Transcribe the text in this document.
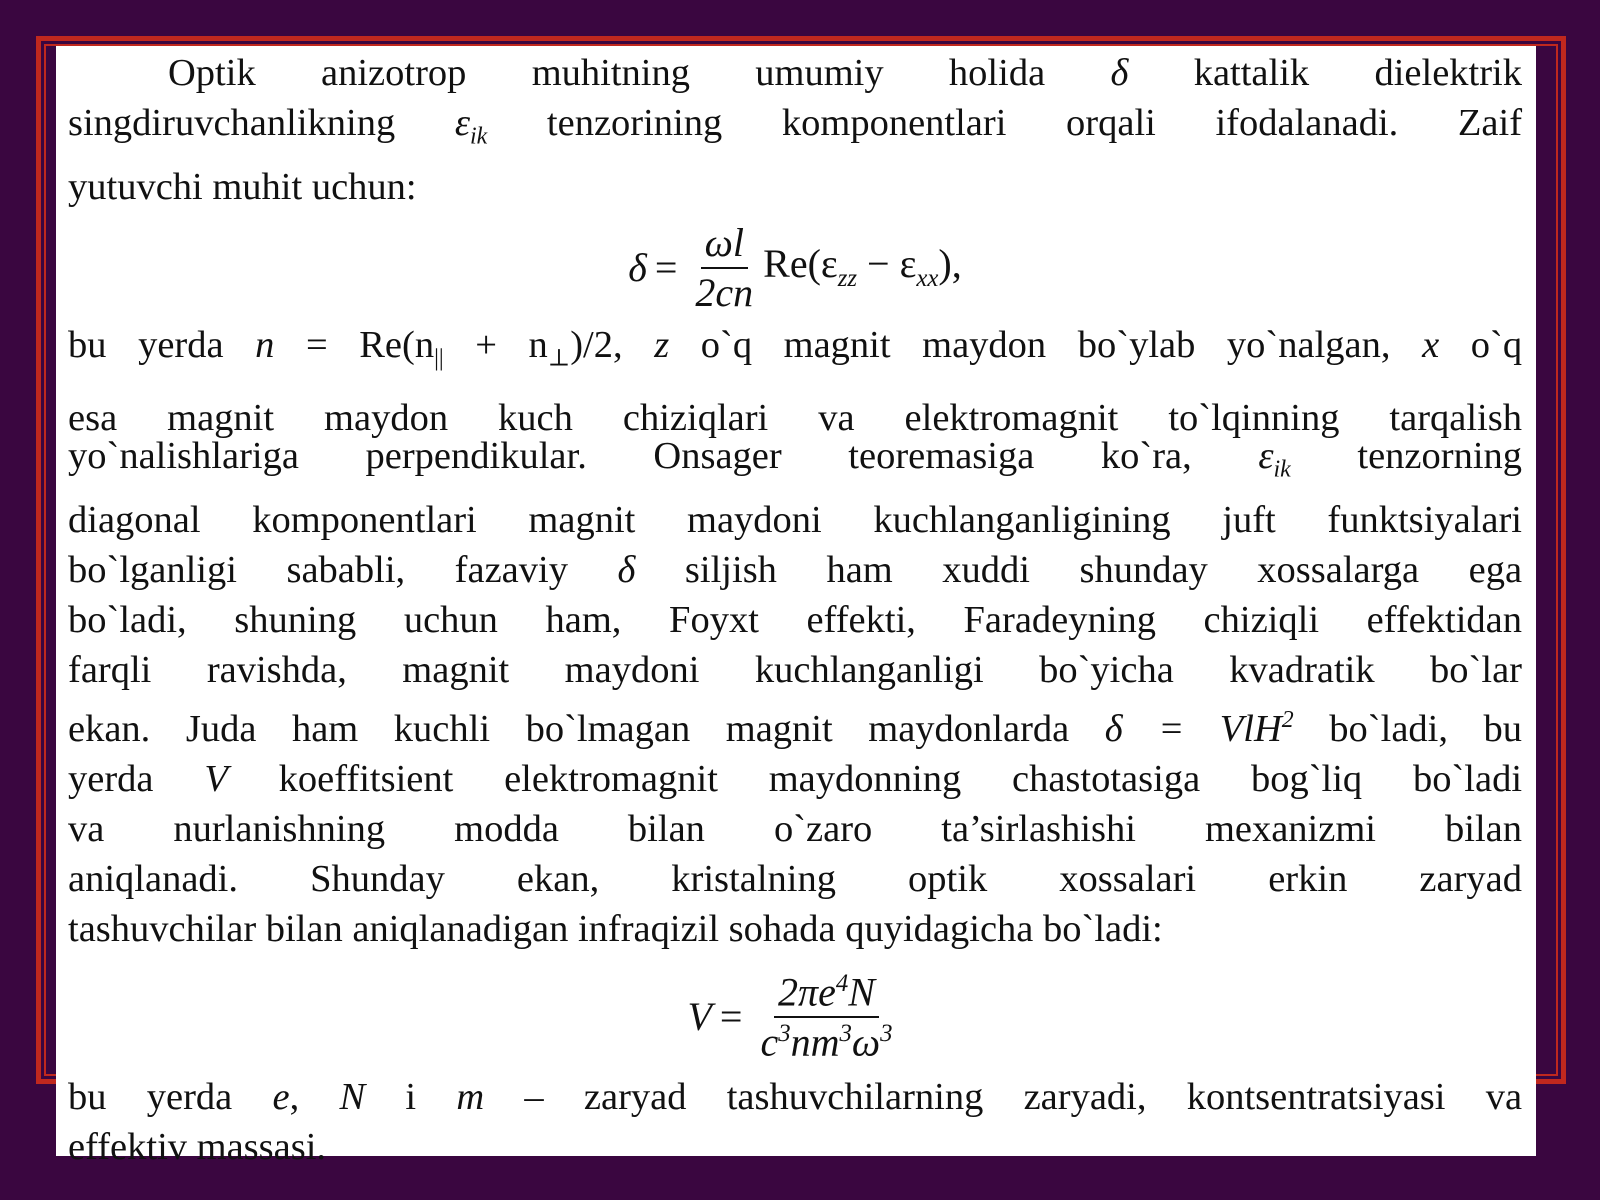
Optik anizotrop muhitning umumiy holida δ kattalik dielektrik
singdiruvchanlikning $\varepsilon_{ik}$ tenzorining komponentlari orqali ifodalanadi. Zaif
yutuvchi muhit uchun:
$\delta = \frac{\omega l}{2cn} Re(\varepsilon_{zz} - \varepsilon_{xx})$,
bu yerda $n = Re(n_{||} + n_\perp)/2$, z o`q magnit maydon bo`ylab yo`nalgan, x o`q
esa magnit maydon kuch chiziqlari va elektromagnit to`lqinning tarqalish
yo`nalishlariga perpendikular. Onsager teoremasiga ko`ra, $\varepsilon_{ik}$ tenzorning
diagonal komponentlari magnit maydoni kuchlanganligining juft funktsiyalari
bo`lganligi sababli, fazaviy δ siljish ham xuddi shunday xossalarga ega
bo`ladi, shuning uchun ham, Foyxt effekti, Faradeyning chiziqli effektidan
farqli ravishda, magnit maydoni kuchlanganligi bo`yicha kvadratik bo`lar
ekan. Juda ham kuchli bo`lmagan magnit maydonlarda δ = VlH$^2$ bo`ladi, bu
yerda V koeffitsient elektromagnit maydonning chastotasiga bog`liq bo`ladi
va nurlanishning modda bilan o`zaro ta’sirlashishi mexanizmi bilan
aniqlanadi. Shunday ekan, kristalning optik xossalari erkin zaryad
tashuvchilar bilan aniqlanadigan infraqizil sohada quyidagicha bo`ladi:
$V = \frac{2\pi e^4N}{c^3nm^3\omega^3}$
bu yerda e, N i m – zaryad tashuvchilarning zaryadi, kontsentratsiyasi va
effektiv massasi.
